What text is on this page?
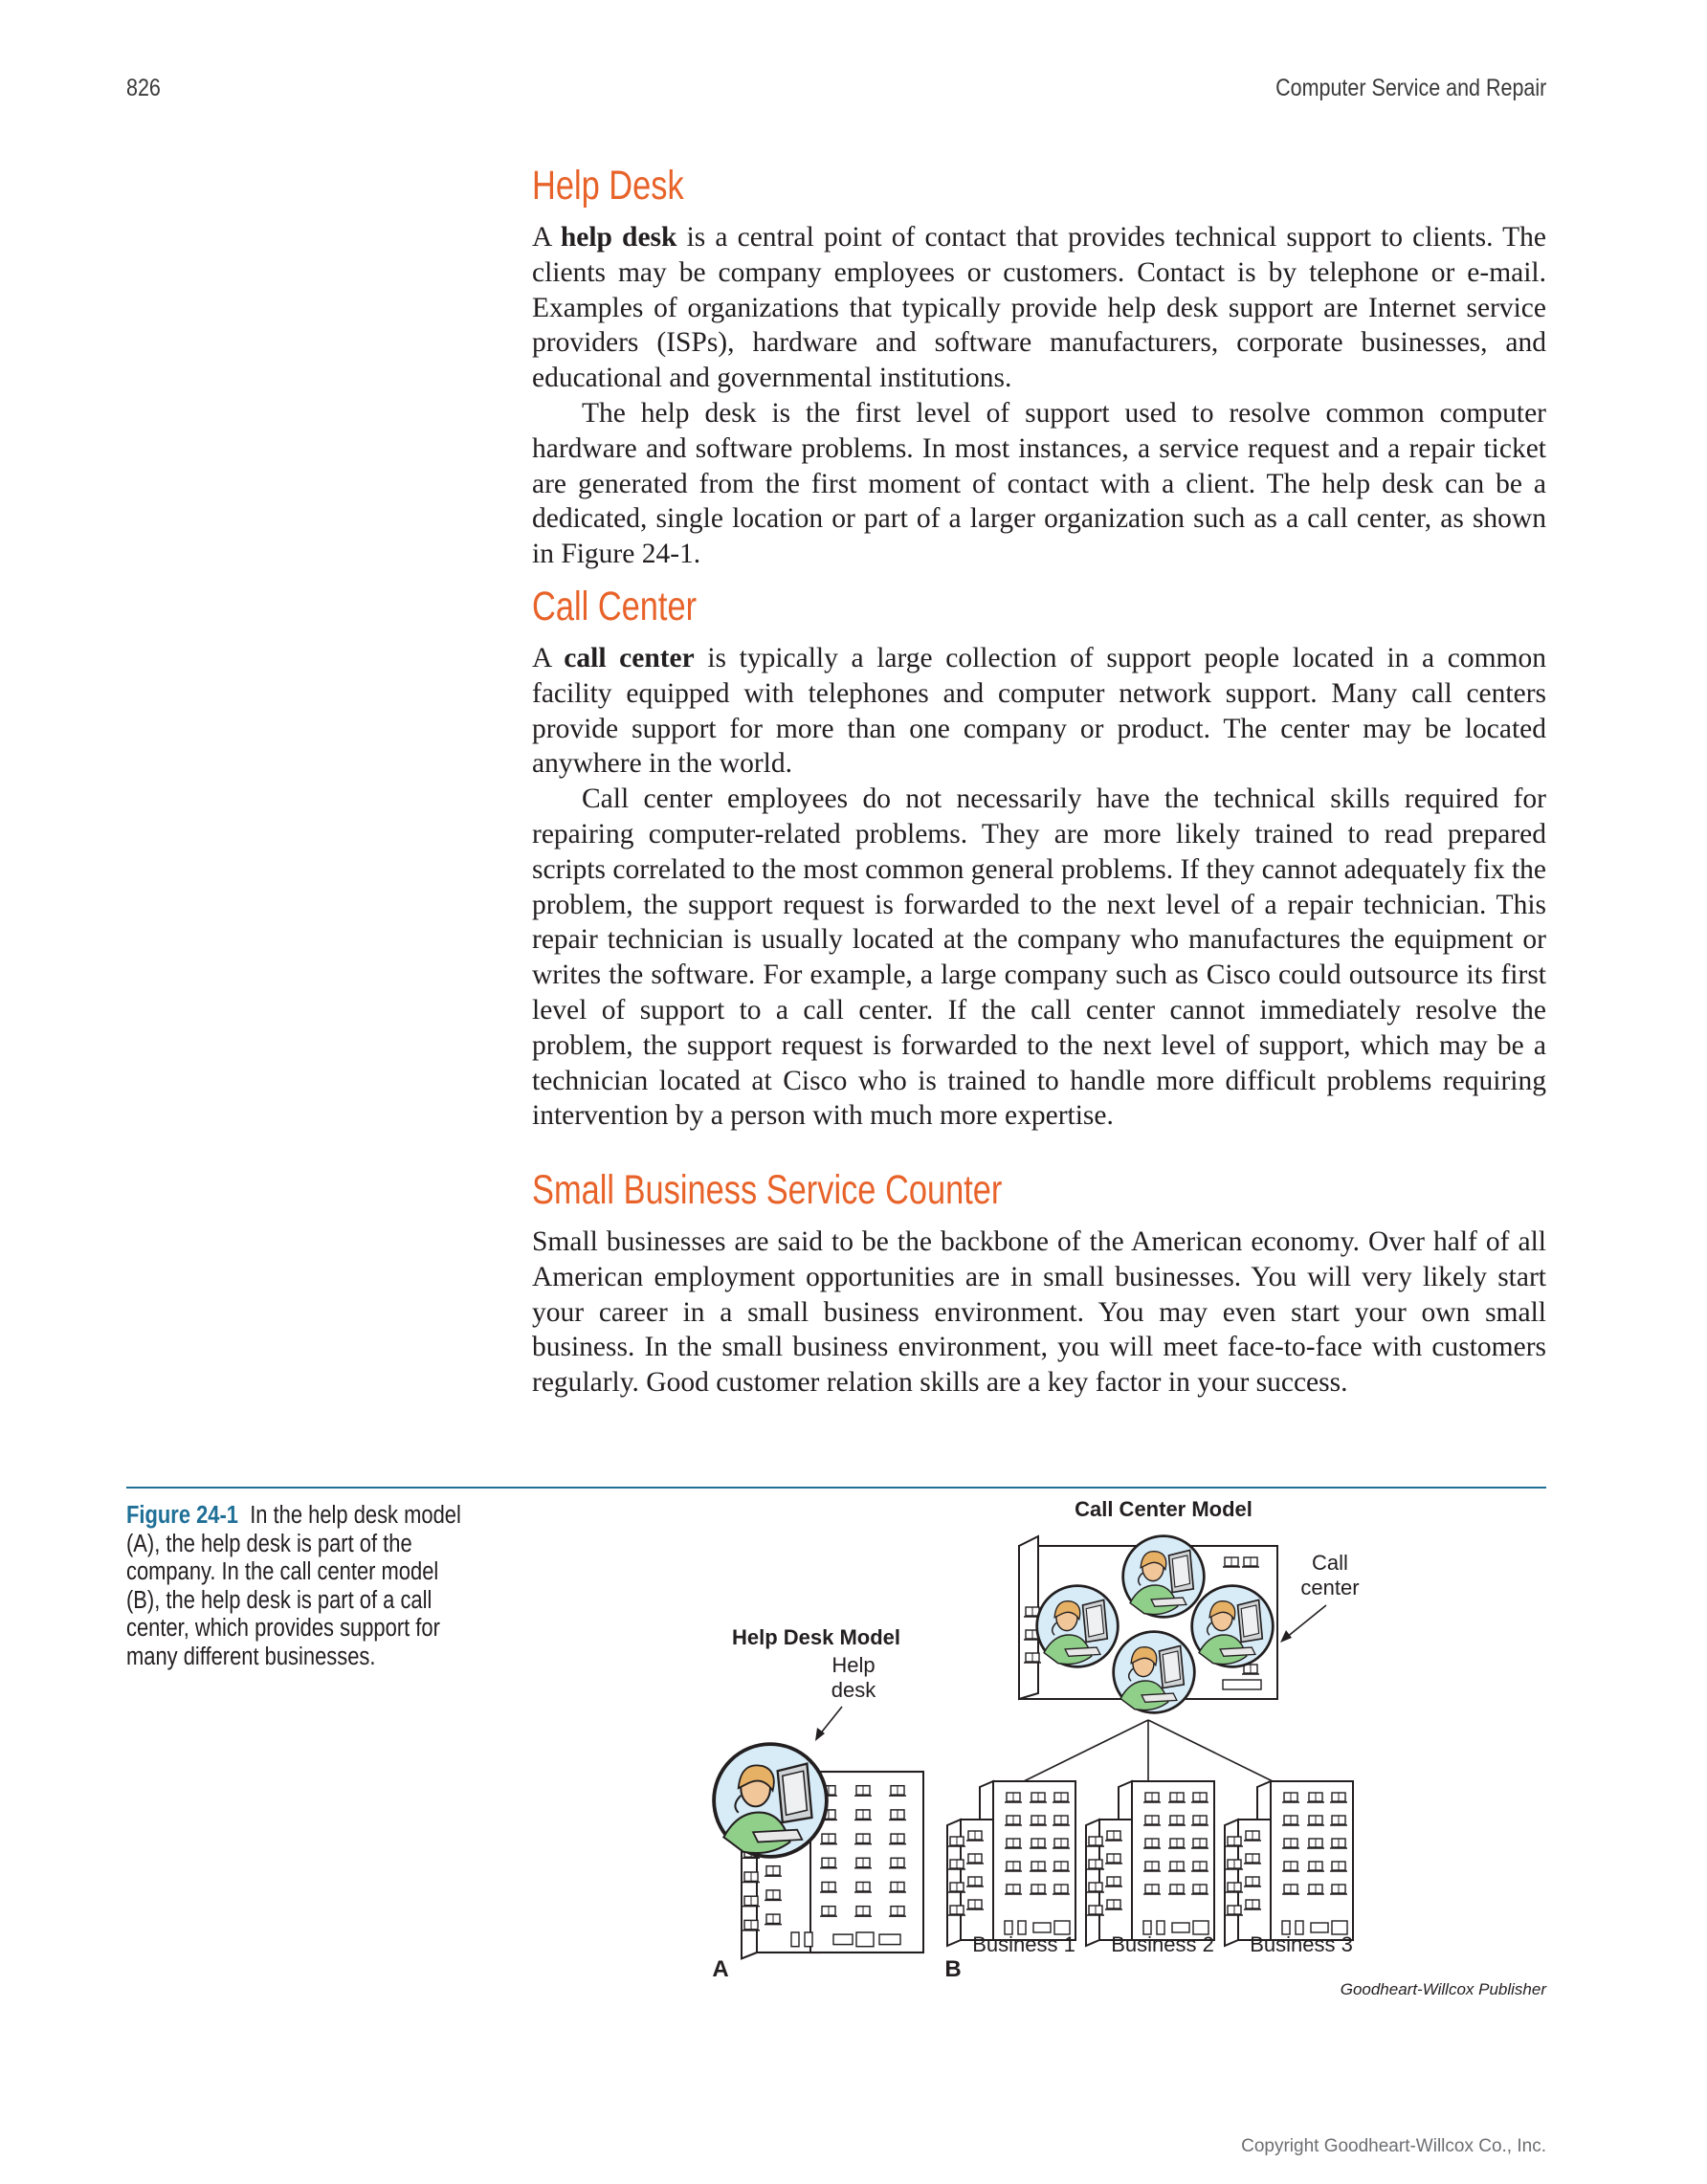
826	Computer Service and Repair
Help Desk

A help desk is a central point of contact that provides technical support to clients. The clients may be company employees or customers. Contact is by telephone or e-mail. Examples of organizations that typically provide help desk support are Internet service providers (ISPs), hardware and software manufacturers, corporate businesses, and educational and governmental institutions.

The help desk is the first level of support used to resolve common computer hardware and software problems. In most instances, a service request and a repair ticket are generated from the first moment of contact with a client. The help desk can be a dedicated, single location or part of a larger organization such as a call center, as shown in Figure 24-1.

Call Center

A call center is typically a large collection of support people located in a common facility equipped with telephones and computer network support. Many call centers provide support for more than one company or product. The center may be located anywhere in the world.

Call center employees do not necessarily have the technical skills required for repairing computer-related problems. They are more likely trained to read prepared scripts correlated to the most common general problems. If they cannot adequately fix the problem, the support request is forwarded to the next level of a repair technician. This repair technician is usually located at the company who manufactures the equipment or writes the software. For example, a large company such as Cisco could outsource its first level of support to a call center. If the call center cannot immediately resolve the problem, the support request is forwarded to the next level of support, which may be a technician located at Cisco who is trained to handle more difficult problems requiring intervention by a person with much more expertise.

Small Business Service Counter

Small businesses are said to be the backbone of the American economy. Over half of all American employment opportunities are in small businesses. You will very likely start your career in a small business environment. You may even start your own small business. In the small business environment, you will meet face-to-face with customers regularly. Good customer relation skills are a key factor in your success.

Figure 24-1 In the help desk model (A), the help desk is part of the company. In the call center model (B), the help desk is part of a call center, which provides support for many different businesses.
Call Center Model
Help Desk Model
Help
desk
Call
center
Business 1 Business 2 Business 3
A	B
Goodheart-Willcox Publisher
Copyright Goodheart-Willcox Co., Inc.
